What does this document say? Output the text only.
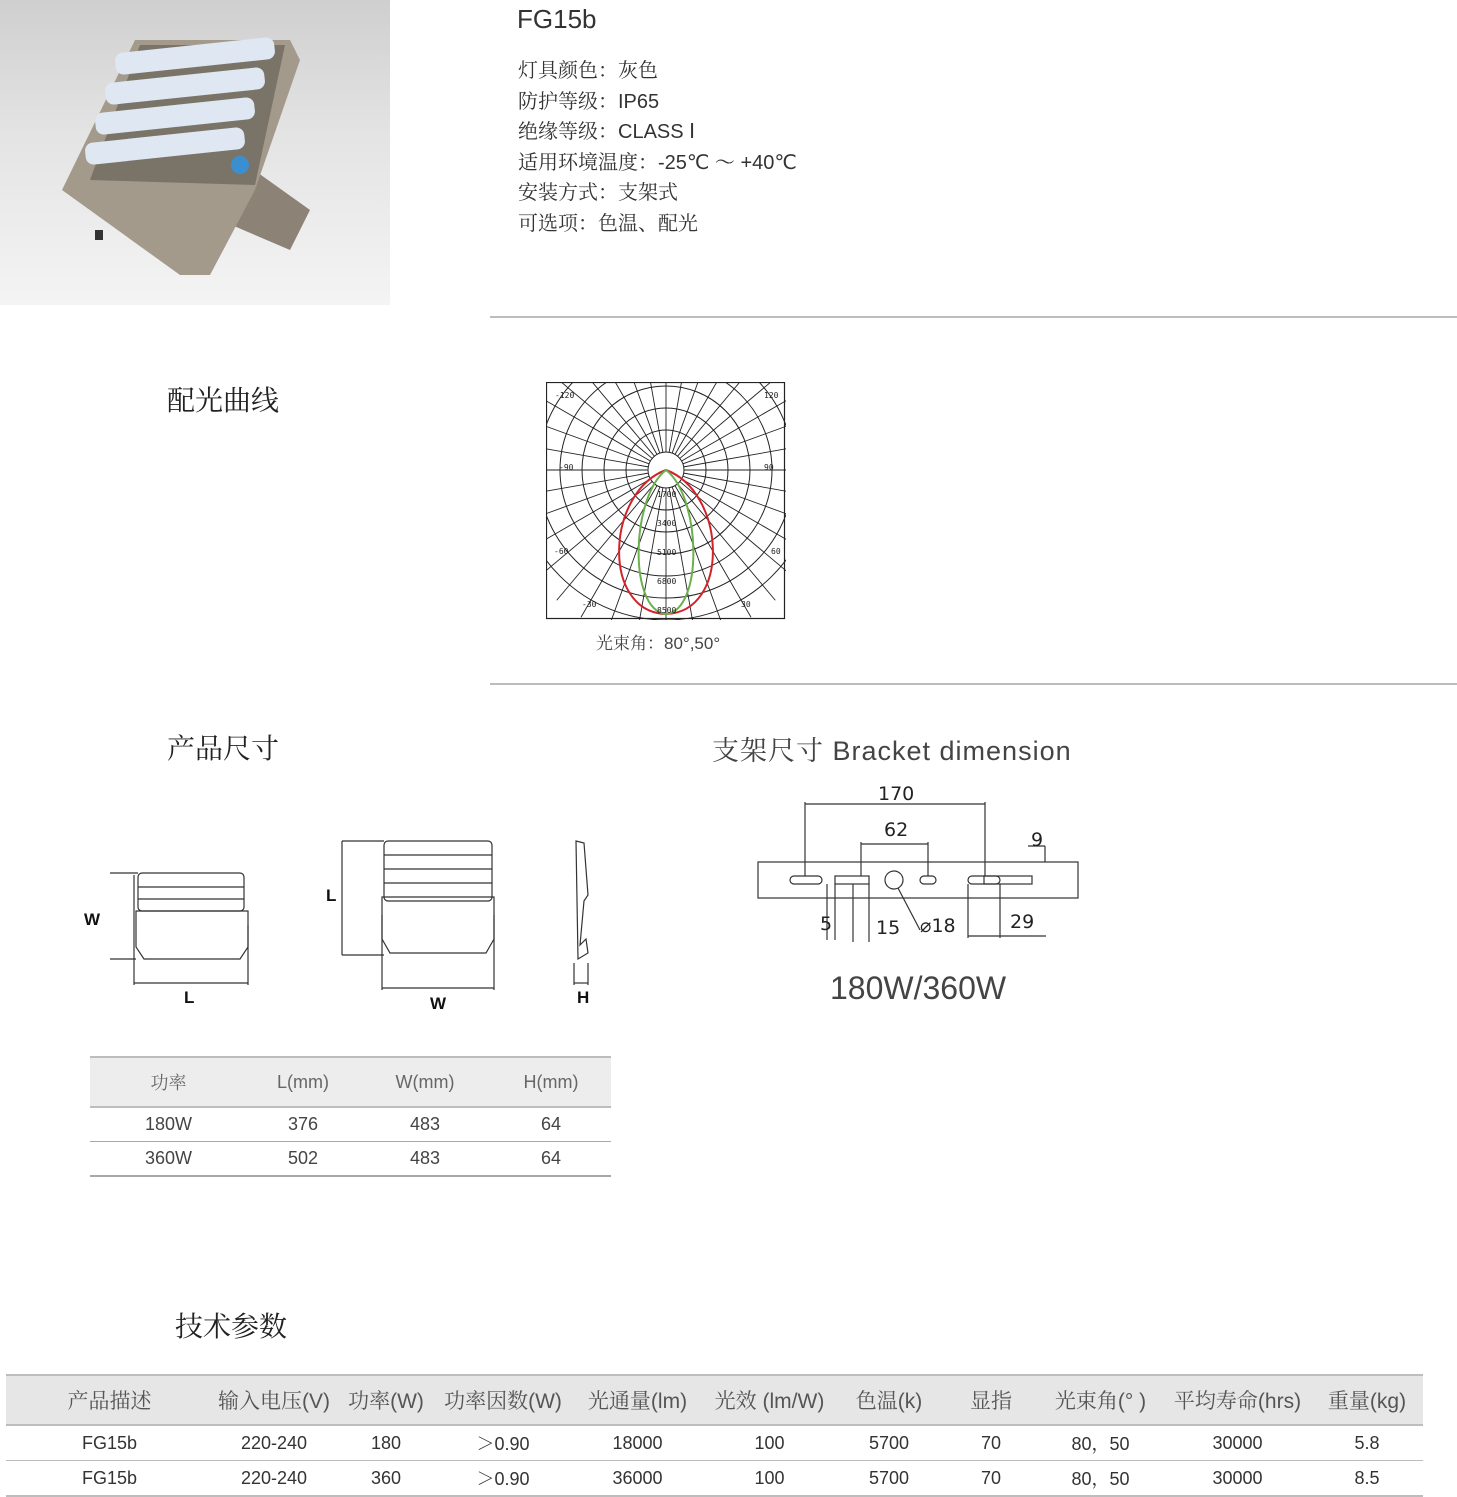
FG15b
灯具颜色：灰色
防护等级：IP65
绝缘等级：CLASS Ⅰ
适用环境温度：-25℃ ～ +40℃
安装方式：支架式
可选项：色温、配光
配光曲线	-120	120
-90	90
-60	60
-30	30
1700
3400
5100
6800
8500
光束角：80°,50°
产品尺寸	支架尺寸 Bracket dimension
W
L
L
W	H
170
62	9
5 15 ⌀18	29
180W/360W
功率	L(mm)	W(mm)	H(mm)
180W	376	483	64
360W	502	483	64
技术参数
产品描述	输入电压(V)	功率(W)	功率因数(W)	光通量(lm)	光效 (lm/W)	色温(k)	显指	光束角(° )	平均寿命(hrs)	重量(kg)
FG15b	220-240	180	＞0.90	18000	100	5700	70	80，50	30000	5.8
FG15b	220-240	360	＞0.90	36000	100	5700	70	80，50	30000	8.5
